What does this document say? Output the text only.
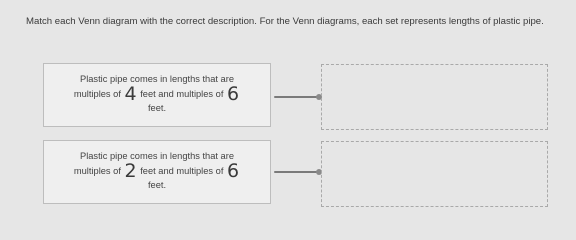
Match each Venn diagram with the correct description. For the Venn diagrams, each set represents lengths of plastic pipe.
Plastic pipe comes in lengths that are
multiples of 4 feet and multiples of 6
feet.
Plastic pipe comes in lengths that are
multiples of 2 feet and multiples of 6
feet.
